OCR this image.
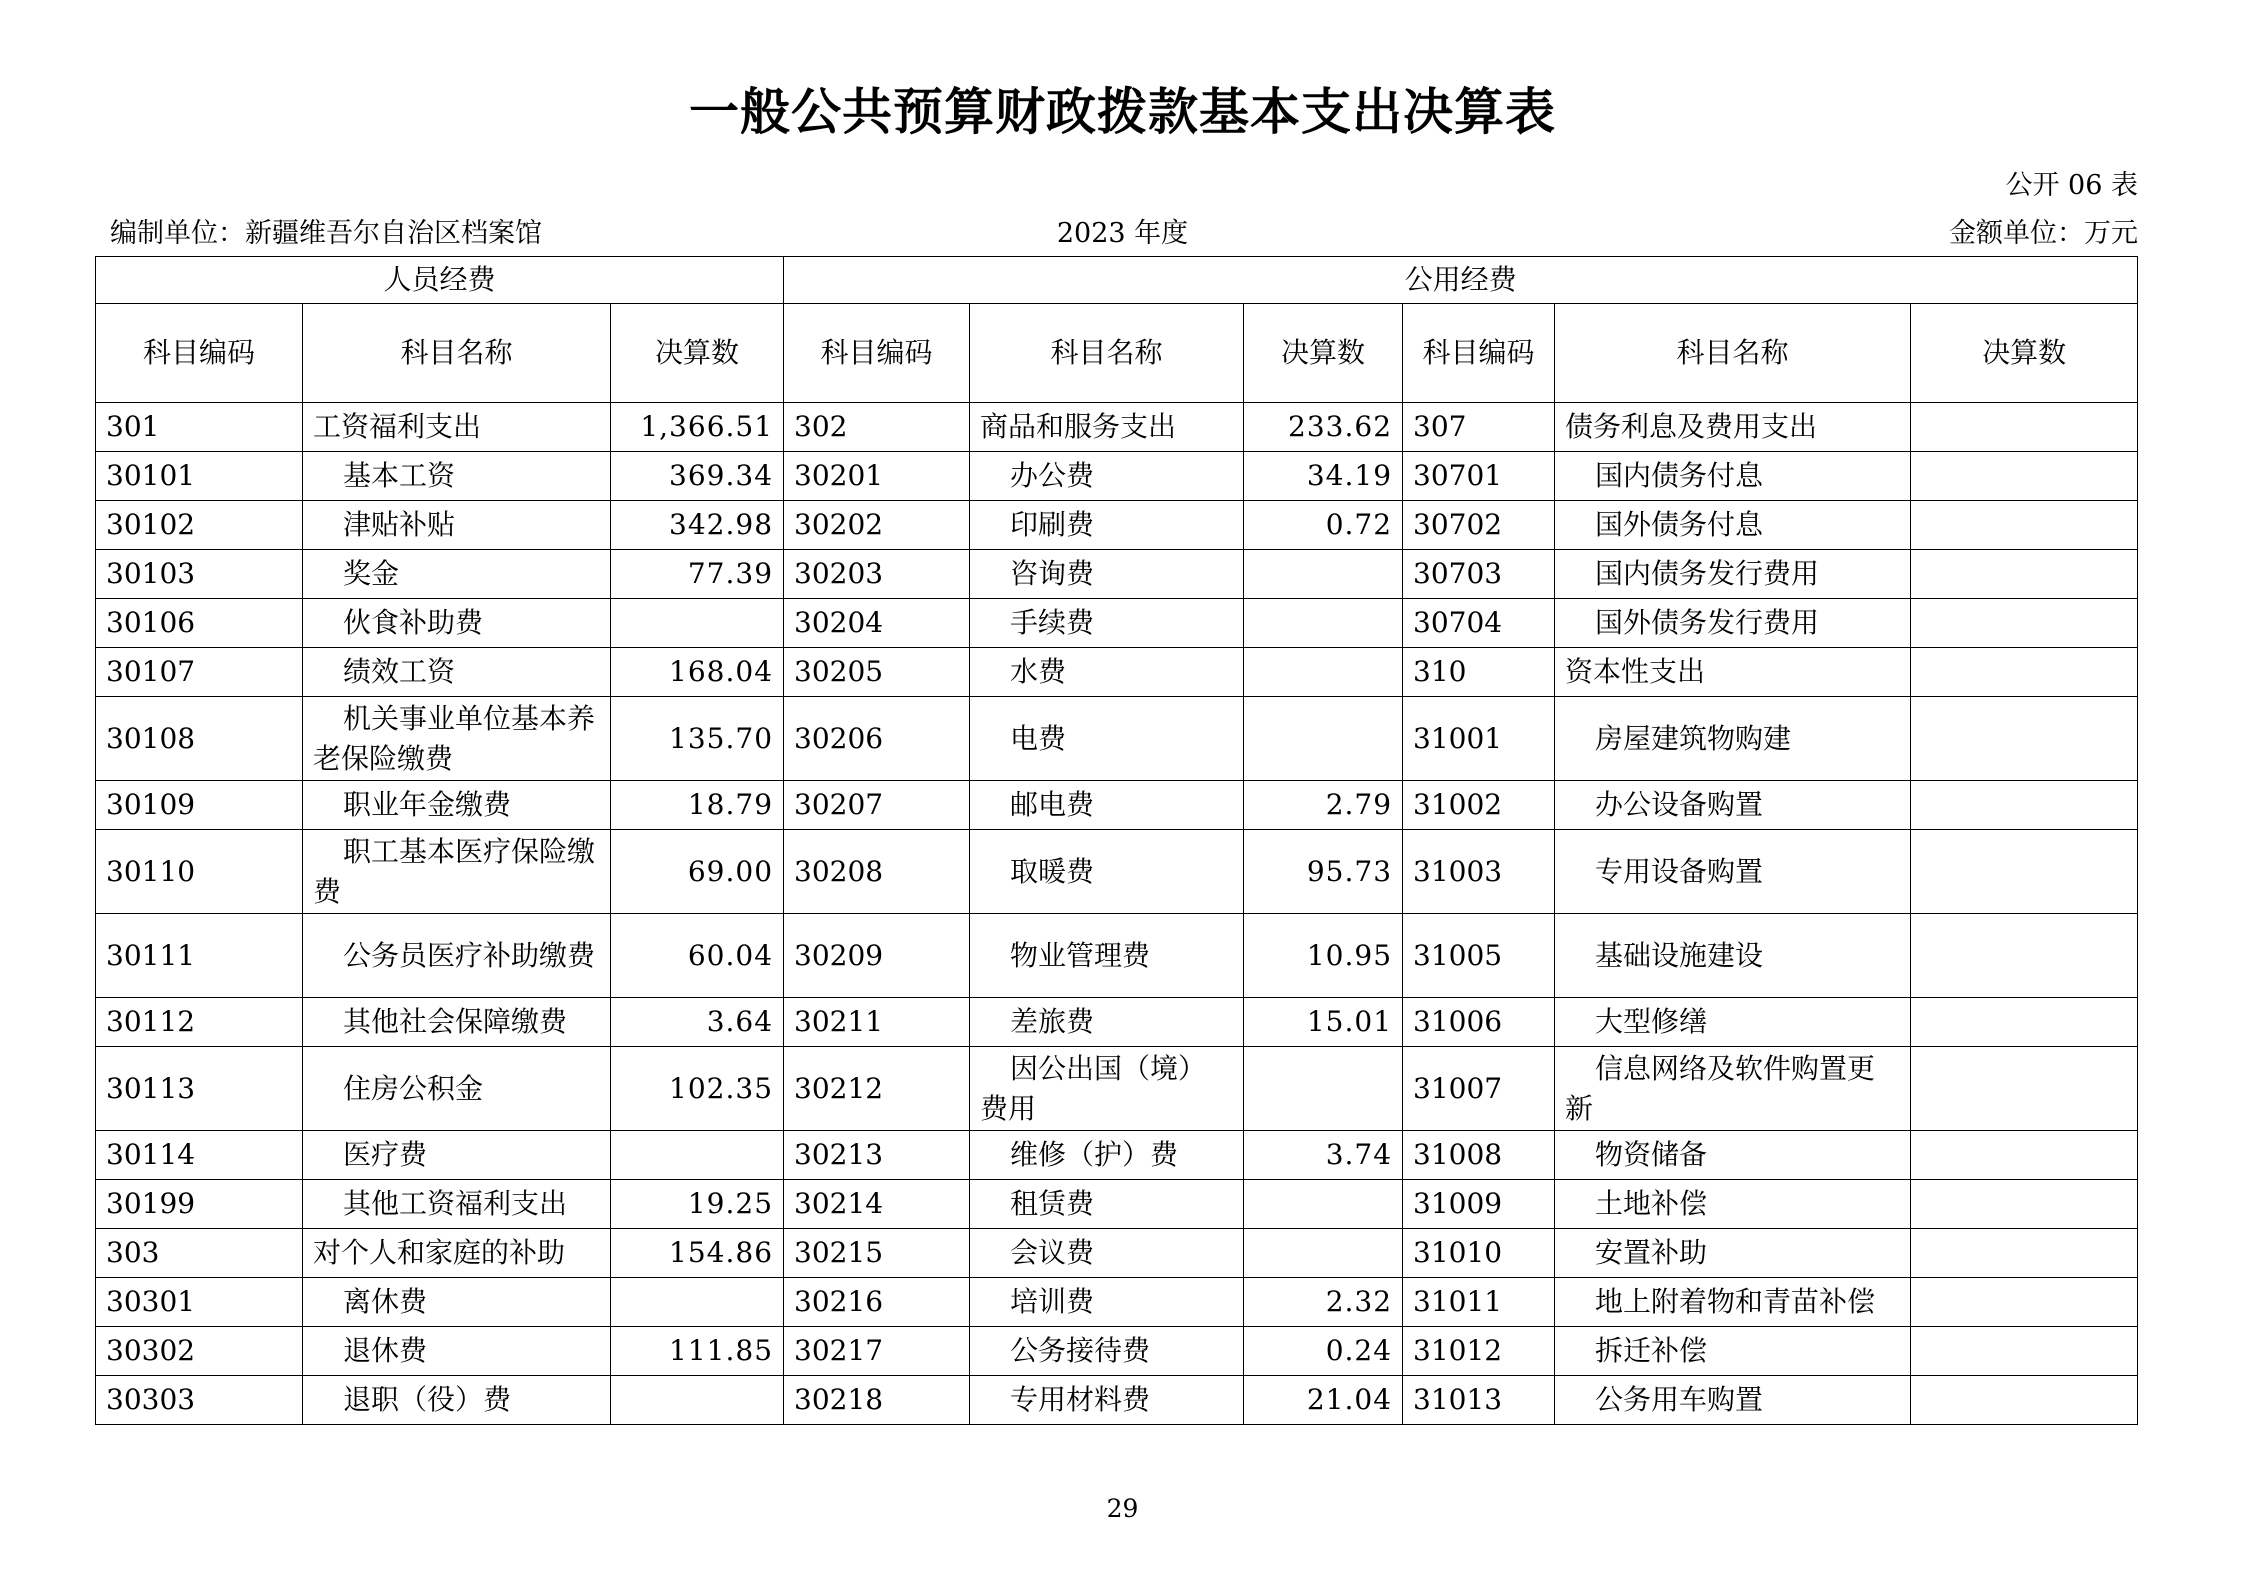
一般公共预算财政拨款基本支出决算表
公开 06 表
编制单位：新疆维吾尔自治区档案馆	2023 年度	金额单位：万元
人员经费			公用经费					
科目编码	科目名称	决算数	科目编码	科目名称	决算数	科目编码	科目名称	决算数
301	工资福利支出	1,366.51	302	商品和服务支出	233.62	307	债务利息及费用支出	
30101	基本工资	369.34	30201	办公费	34.19	30701	国内债务付息	
30102	津贴补贴	342.98	30202	印刷费	0.72	30702	国外债务付息	
30103	奖金	77.39	30203	咨询费		30703	国内债务发行费用	
30106	伙食补助费		30204	手续费		30704	国外债务发行费用	
30107	绩效工资	168.04	30205	水费		310	资本性支出	
30108	机关事业单位基本养老保险缴费	135.70	30206	电费		31001	房屋建筑物购建	
30109	职业年金缴费	18.79	30207	邮电费	2.79	31002	办公设备购置	
30110	职工基本医疗保险缴费	69.00	30208	取暖费	95.73	31003	专用设备购置	
30111	公务员医疗补助缴费	60.04	30209	物业管理费	10.95	31005	基础设施建设	
30112	其他社会保障缴费	3.64	30211	差旅费	15.01	31006	大型修缮	
30113	住房公积金	102.35	30212	因公出国（境）费用		31007	信息网络及软件购置更新	
30114	医疗费		30213	维修（护）费	3.74	31008	物资储备	
30199	其他工资福利支出	19.25	30214	租赁费		31009	土地补偿	
303	对个人和家庭的补助	154.86	30215	会议费		31010	安置补助	
30301	离休费		30216	培训费	2.32	31011	地上附着物和青苗补偿	
30302	退休费	111.85	30217	公务接待费	0.24	31012	拆迁补偿	
30303	退职（役）费		30218	专用材料费	21.04	31013	公务用车购置	
29
